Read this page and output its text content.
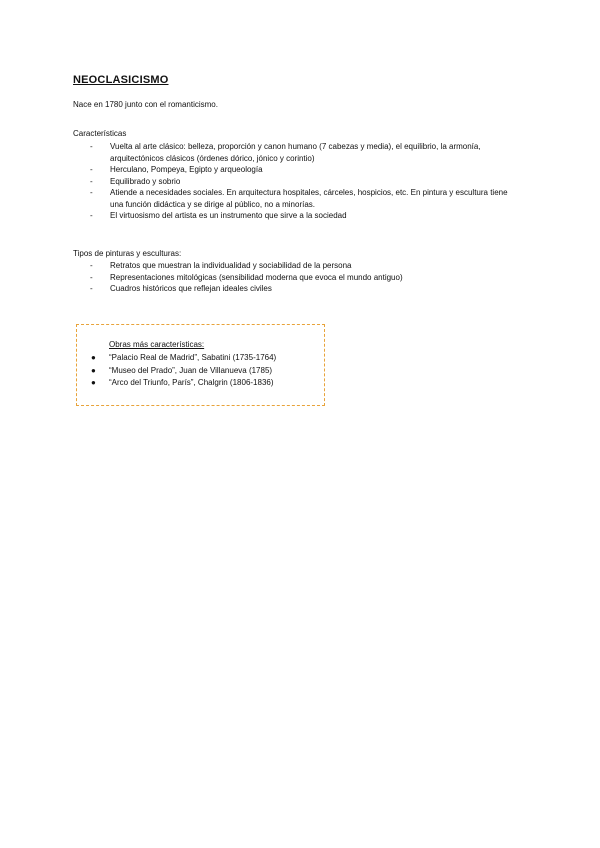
NEOCLASICISMO
Nace en 1780 junto con el romanticismo.
Características
- Vuelta al arte clásico: belleza, proporción y canon humano (7 cabezas y media), el equilibrio, la armonía, arquitectónicos clásicos (órdenes dórico, jónico y corintio)
- Herculano, Pompeya, Egipto y arqueología
- Equilibrado y sobrio
- Atiende a necesidades sociales. En arquitectura hospitales, cárceles, hospicios, etc. En pintura y escultura tiene una función didáctica y se dirige al público, no a minorías.
- El virtuosismo del artista es un instrumento que sirve a la sociedad
Tipos de pinturas y esculturas:
- Retratos que muestran la individualidad y sociabilidad de la persona
- Representaciones mitológicas (sensibilidad moderna que evoca el mundo antiguo)
- Cuadros históricos que reflejan ideales civiles
Obras más características:
● “Palacio Real de Madrid”, Sabatini (1735-1764)
● “Museo del Prado”, Juan de Villanueva (1785)
● “Arco del Triunfo, París”, Chalgrin (1806-1836)
